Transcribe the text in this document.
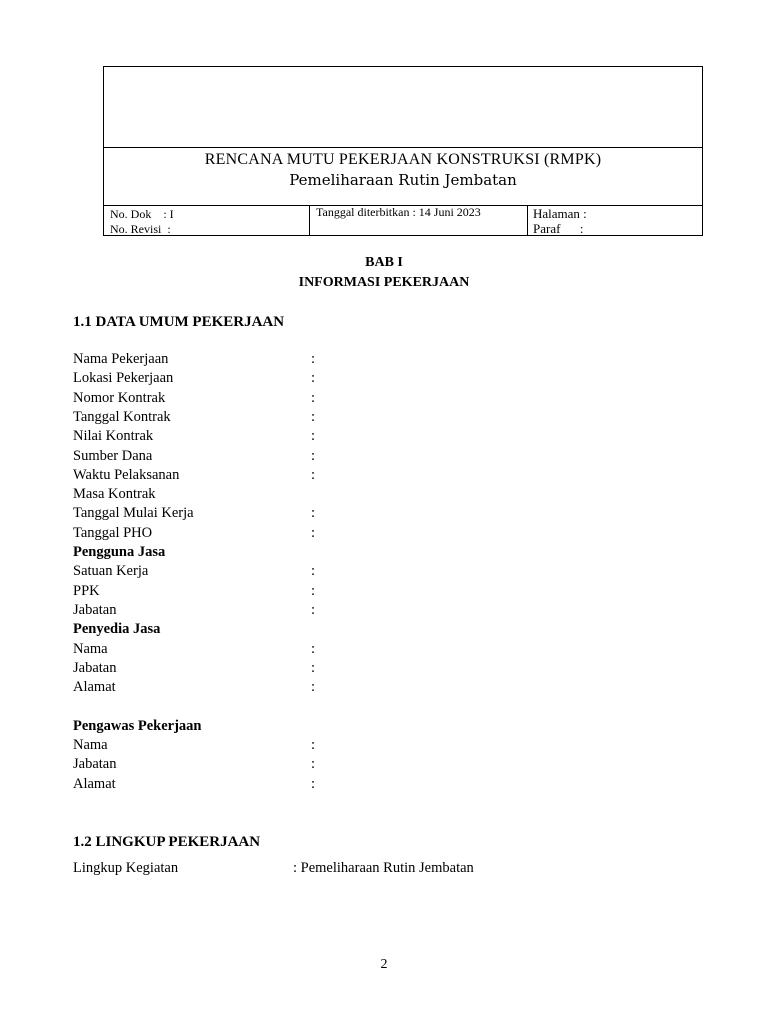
RENCANA MUTU PEKERJAAN KONSTRUKSI (RMPK)
Pemeliharaan Rutin Jembatan
No. Dok    : I
No. Revisi  :
Tanggal diterbitkan : 14 Juni 2023	Halaman :
Paraf      :
BAB I
INFORMASI PEKERJAAN
1.1 DATA UMUM PEKERJAAN
Nama Pekerjaan	:
Lokasi Pekerjaan	:
Nomor Kontrak	:
Tanggal Kontrak	:
Nilai Kontrak	:
Sumber Dana	:
Waktu Pelaksanan	:
Masa Kontrak
Tanggal Mulai Kerja	:
Tanggal PHO	:
Pengguna Jasa
Satuan Kerja	:
PPK	:
Jabatan	:
Penyedia Jasa
Nama	:
Jabatan	:
Alamat	:
Pengawas Pekerjaan
Nama	:
Jabatan	:
Alamat	:
1.2 LINGKUP PEKERJAAN
Lingkup Kegiatan	: Pemeliharaan Rutin Jembatan
2
